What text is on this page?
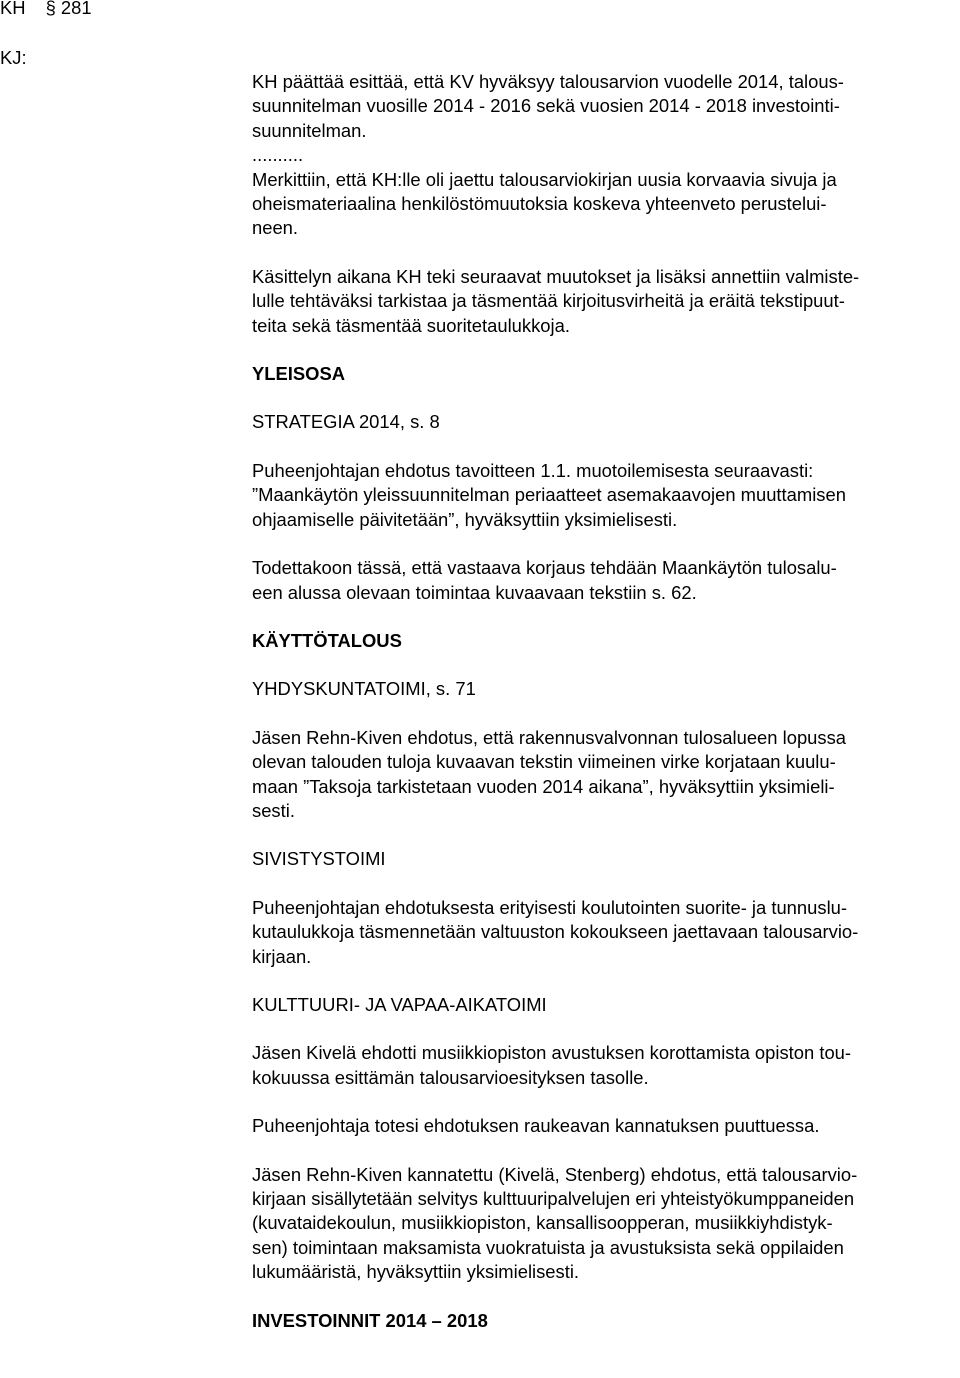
KH § 281
KJ:

KH päättää esittää, että KV hyväksyy talousarvion vuodelle 2014, talous-
suunnitelman vuosille 2014 - 2016 sekä vuosien 2014 - 2018 investointi-
suunnitelman.

..........

Merkittiin, että KH:lle oli jaettu talousarviokirjan uusia korvaavia sivuja ja
oheismateriaalina henkilöstömuutoksia koskeva yhteenveto perustelui-
neen.

Käsittelyn aikana KH teki seuraavat muutokset ja lisäksi annettiin valmiste-
lulle tehtäväksi tarkistaa ja täsmentää kirjoitusvirheitä ja eräitä tekstipuut-
teita sekä täsmentää suoritetaulukkoja.

YLEISOSA

STRATEGIA 2014, s. 8

Puheenjohtajan ehdotus tavoitteen 1.1. muotoilemisesta seuraavasti:
”Maankäytön yleissuunnitelman periaatteet asemakaavojen muuttamisen
ohjaamiselle päivitetään”, hyväksyttiin yksimielisesti.

Todettakoon tässä, että vastaava korjaus tehdään Maankäytön tulosalu-
een alussa olevaan toimintaa kuvaavaan tekstiin s. 62.

KÄYTTÖTALOUS

YHDYSKUNTATOIMI, s. 71

Jäsen Rehn-Kiven ehdotus, että rakennusvalvonnan tulosalueen lopussa
olevan talouden tuloja kuvaavan tekstin viimeinen virke korjataan kuulu-
maan ”Taksoja tarkistetaan vuoden 2014 aikana”, hyväksyttiin yksimieli-
sesti.

SIVISTYSTOIMI

Puheenjohtajan ehdotuksesta erityisesti koulutointen suorite- ja tunnuslu-
kutaulukkoja täsmennetään valtuuston kokoukseen jaettavaan talousarvio-
kirjaan.

KULTTUURI- JA VAPAA-AIKATOIMI

Jäsen Kivelä ehdotti musiikkiopiston avustuksen korottamista opiston tou-
kokuussa esittämän talousarvioesityksen tasolle.

Puheenjohtaja totesi ehdotuksen raukeavan kannatuksen puuttuessa.

Jäsen Rehn-Kiven kannatettu (Kivelä, Stenberg) ehdotus, että talousarvio-
kirjaan sisällytetään selvitys kulttuuripalvelujen eri yhteistyökumppaneiden
(kuvataidekoulun, musiikkiopiston, kansallisoopperan, musiikkiyhdistyk-
sen) toimintaan maksamista vuokratuista ja avustuksista sekä oppilaiden
lukumääristä, hyväksyttiin yksimielisesti.

INVESTOINNIT 2014 – 2018
